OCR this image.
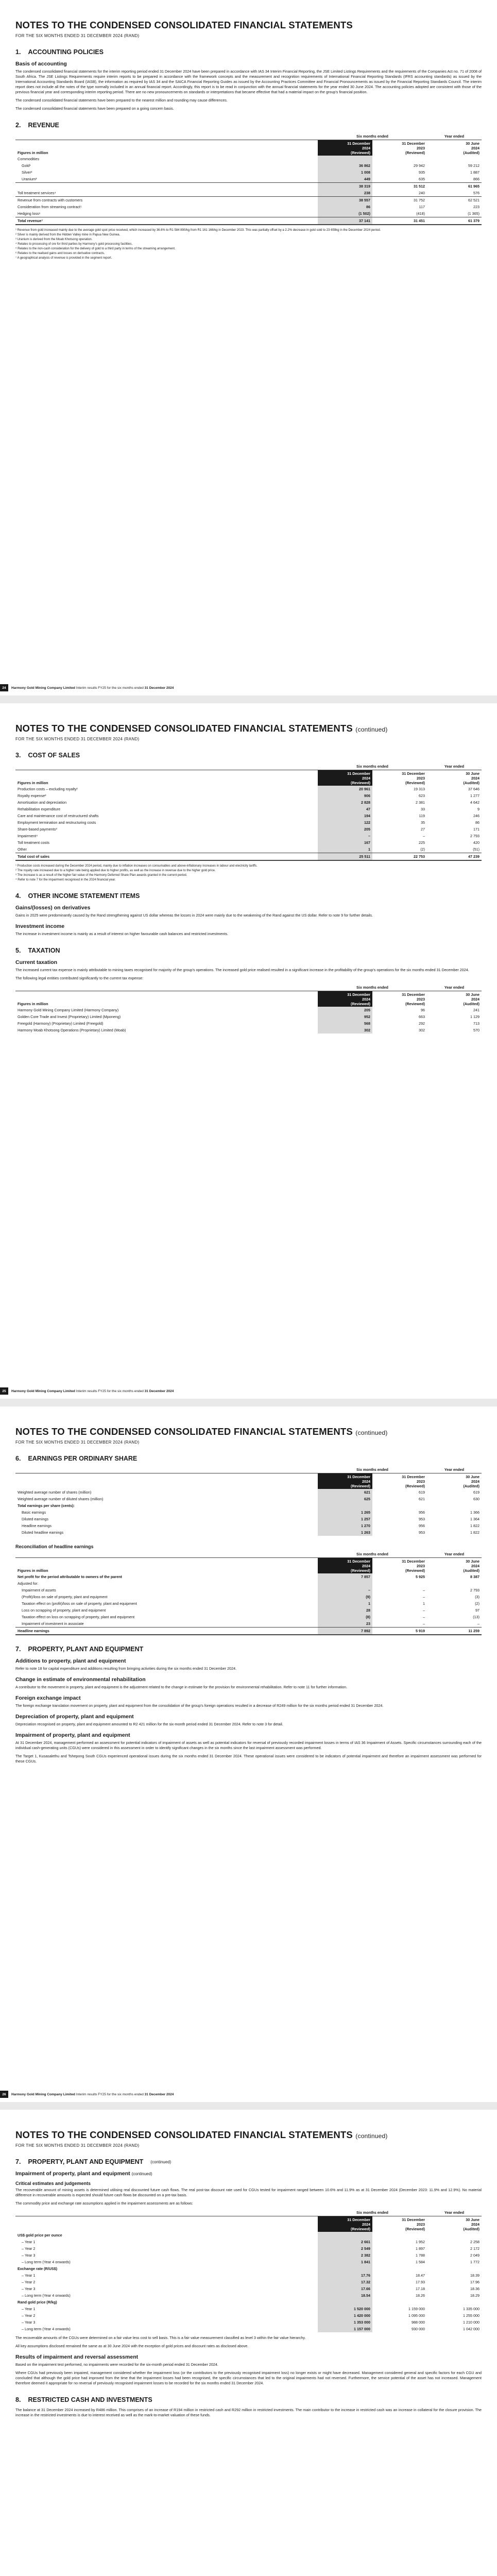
NOTES TO THE CONDENSED CONSOLIDATED FINANCIAL STATEMENTS
FOR THE SIX MONTHS ENDED 31 DECEMBER 2024 (RAND)
1. ACCOUNTING POLICIES
Basis of accounting

The condensed consolidated financial statements for the interim reporting period ended 31 December 2024 have been prepared in accordance with IAS 34 Interim Financial Reporting, the JSE Limited Listings Requirements and the requirements of the Companies Act no. 71 of 2008 of South Africa. The JSE Listings Requirements require interim reports to be prepared in accordance with the framework concepts and the measurement and recognition requirements of International Financial Reporting Standards (IFRS accounting standards) as issued by the International Accounting Standards Board (IASB), the information as required by IAS 34 and the SAICA Financial Reporting Guides as issued by the Accounting Practices Committee and Financial Pronouncements as issued by the Financial Reporting Standards Council. The interim report does not include all the notes of the type normally included in an annual financial report. Accordingly, this report is to be read in conjunction with the annual financial statements for the year ended 30 June 2024. The accounting policies adopted are consistent with those of the previous financial year and corresponding interim reporting period. There are no new pronouncements on standards or interpretations that became effective that had a material impact on the group's financial position.

The condensed consolidated financial statements have been prepared to the nearest million and rounding may cause differences.

The condensed consolidated financial statements have been prepared on a going concern basis.

2. REVENUE
	Six months ended		Year ended
Figures in million	31 December
2024
(Reviewed)	31 December
2023
(Reviewed)	30 June
2024
(Audited)
Commodities			
Gold¹	36 862	29 942	59 212
Silver²	1 008	935	1 887
Uranium³	449	635	866
	38 319	31 512	61 965
Toll treatment services⁴	238	240	576
Revenue from contracts with customers	38 557	31 752	62 521
Consideration from streaming contract⁵	86	117	223
Hedging loss⁶	(1 502)	(418)	(1 365)
Total revenue⁷	37 141	31 451	61 379
¹ Revenue from gold increased mainly due to the average gold spot price received, which increased by 36.6% to R1 584 890/kg from R1 161 166/kg in December 2023. This was partially offset by a 2.2% decrease in gold sold to 23 659kg in the December 2024 period.
² Silver is mainly derived from the Hidden Valley mine in Papua New Guinea.
³ Uranium is derived from the Moab Khotsong operation.
⁴ Relates to processing of ore for third parties by Harmony's gold processing facilities.
⁵ Relates to the non-cash consideration for the delivery of gold to a third party in terms of the streaming arrangement.
⁶ Relates to the realised gains and losses on derivative contracts.
⁷ A geographical analysis of revenue is provided in the segment report.
24	Harmony Gold Mining Company Limited Interim results FY25 for the six months ended 31 December 2024
NOTES TO THE CONDENSED CONSOLIDATED FINANCIAL STATEMENTS (continued)
FOR THE SIX MONTHS ENDED 31 DECEMBER 2024 (RAND)
3. COST OF SALES
	Six months ended		Year ended
Figures in million	31 December
2024
(Reviewed)	31 December
2023
(Reviewed)	30 June
2024
(Audited)
Production costs – excluding royalty¹	20 961	19 313	37 646
Royalty expense²	906	623	1 277
Amortisation and depreciation	2 828	2 381	4 642
Rehabilitation expenditure	47	33	9
Care and maintenance cost of restructured shafts	194	119	246
Employment termination and restructuring costs	122	35	86
Share-based payments³	205	27	171
Impairment⁴	–	–	2 793
Toll treatment costs	167	225	420
Other	1	(2)	(51)
Total cost of sales	25 511	22 753	47 239
¹ Production costs increased during the December 2024 period, mainly due to inflation increases on consumables and above-inflationary increases in labour and electricity tariffs.
² The royalty rate increased due to a higher rate being applied due to higher profits, as well as the increase in revenue due to the higher gold price.
³ The increase is as a result of the higher fair value of the Harmony Deferred Share Plan awards granted in the current period.
⁴ Refer to note 7 for the impairment recognised in the 2024 financial year.
4. OTHER INCOME STATEMENT ITEMS
Gains/(losses) on derivatives

Gains in 2025 were predominantly caused by the Rand strengthening against US dollar whereas the losses in 2024 were mainly due to the weakening of the Rand against the US dollar. Refer to note 9 for further details.

Investment income

The increase in investment income is mainly as a result of interest on higher favourable cash balances and restricted investments.

5. TAXATION
Current taxation

The increased current tax expense is mainly attributable to mining taxes recognised for majority of the group's operations. The increased gold price realised resulted in a significant increase in the profitability of the group's operations for the six months ended 31 December 2024.

The following legal entities contributed significantly to the current tax expense:

	Six months ended		Year ended
Figures in million	31 December
2024
(Reviewed)	31 December
2023
(Reviewed)	30 June
2024
(Audited)
Harmony Gold Mining Company Limited (Harmony Company)	205	96	241
Golden Core Trade and Invest (Proprietary) Limited (Mponeng)	952	663	1 129
Freegold (Harmony) (Proprietary) Limited (Freegold)	568	292	713
Harmony Moab Khotsong Operations (Proprietary) Limited (Moab)	302	302	570
25	Harmony Gold Mining Company Limited Interim results FY25 for the six months ended 31 December 2024
NOTES TO THE CONDENSED CONSOLIDATED FINANCIAL STATEMENTS (continued)
FOR THE SIX MONTHS ENDED 31 DECEMBER 2024 (RAND)
6. EARNINGS PER ORDINARY SHARE
	Six months ended		Year ended
	31 December
2024
(Reviewed)	31 December
2023
(Reviewed)	30 June
2024
(Audited)
Weighted average number of shares (million)	621	619	619
Weighted average number of diluted shares (million)	625	621	630
Total earnings per share (cents):			
Basic earnings	1 265	956	1 366
Diluted earnings	1 257	953	1 364
Headline earnings	1 270	956	1 822
Diluted headline earnings	1 263	953	1 822
Reconciliation of headline earnings
	Six months ended		Year ended
Figures in million	31 December
2024
(Reviewed)	31 December
2023
(Reviewed)	30 June
2024
(Audited)
Net profit for the period attributable to owners of the parent	7 857	5 925	8 387
Adjusted for:			
Impairment of assets	–	–	2 793
(Profit)/loss on sale of property, plant and equipment	(9)	–	(3)
Taxation effect on (profit)/loss on sale of property, plant and equipment	1	1	(2)
Loss on scrapping of property, plant and equipment	28	–	97
Taxation effect on loss on scrapping of property, plant and equipment	(8)	–	(13)
Impairment of investment in associate	23	–	–
Headline earnings	7 892	5 919	11 259
7. PROPERTY, PLANT AND EQUIPMENT
Additions to property, plant and equipment

Refer to note 18 for capital expenditure and additions resulting from bringing activities during the six months ended 31 December 2024.

Change in estimate of environmental rehabilitation

A contributor to the movement in property, plant and equipment is the adjustment related to the change in estimate for the provision for environmental rehabilitation. Refer to note 11 for further information.

Foreign exchange impact

The foreign exchange translation movement on property, plant and equipment from the consolidation of the group's foreign operations resulted in a decrease of R249 million for the six months period ended 31 December 2024.

Depreciation of property, plant and equipment

Depreciation recognised on property, plant and equipment amounted to R2 421 million for the six-month period ended 31 December 2024. Refer to note 3 for detail.

Impairment of property, plant and equipment

At 31 December 2024, management performed an assessment for potential indicators of impairment of assets as well as potential indicators for reversal of previously recorded impairment losses in terms of IAS 36 Impairment of Assets. Specific circumstances surrounding each of the individual cash-generating units (CGUs) were considered in this assessment in order to identify significant changes in the six months since the last impairment assessment was performed.

The Target 1, Kusasalethu and Tshepong South CGUs experienced operational issues during the six months ended 31 December 2024. These operational issues were considered to be indicators of potential impairment and therefore an impairment assessment was performed for these CGUs.

26	Harmony Gold Mining Company Limited Interim results FY25 for the six months ended 31 December 2024
NOTES TO THE CONDENSED CONSOLIDATED FINANCIAL STATEMENTS (continued)
FOR THE SIX MONTHS ENDED 31 DECEMBER 2024 (RAND)
7. PROPERTY, PLANT AND EQUIPMENT (continued)
Impairment of property, plant and equipment (continued)
Critical estimates and judgements

The recoverable amount of mining assets is determined utilising real discounted future cash flows. The real post-tax discount rate used for CGUs tested for impairment ranged between 10.6% and 11.9% as at 31 December 2024 (December 2023: 11.9% and 12.9%). No material difference in recoverable amounts is expected should future cash flows be discounted on a pre-tax basis.

The commodity price and exchange rate assumptions applied in the impairment assessments are as follows:

	Six months ended		Year ended
	31 December
2024
(Reviewed)	31 December
2023
(Reviewed)	30 June
2024
(Audited)
US$ gold price per ounce			
– Year 1	2 661	1 952	2 258
– Year 2	2 549	1 897	2 172
– Year 3	2 382	1 788	2 049
– Long term (Year 4 onwards)	1 841	1 584	1 772
Exchange rate (R/US$)			
– Year 1	17.76	18.47	18.39
– Year 2	17.32	17.93	17.96
– Year 3	17.66	17.18	18.36
– Long term (Year 4 onwards)	18.54	18.26	18.29
Rand gold price (R/kg)			
– Year 1	1 520 000	1 159 000	1 335 000
– Year 2	1 420 000	1 095 000	1 255 000
– Year 3	1 353 000	988 000	1 210 000
– Long term (Year 4 onwards)	1 157 000	930 000	1 042 000

The recoverable amounts of the CGUs were determined on a fair value less cost to sell basis. This is a fair value measurement classified as level 3 within the fair value hierarchy.

All key assumptions disclosed remained the same as at 30 June 2024 with the exception of gold prices and discount rates as disclosed above.

Results of impairment and reversal assessment

Based on the impairment test performed, no impairments were recorded for the six-month period ended 31 December 2024.

Where CGUs had previously been impaired, management considered whether the impairment loss (or the contributors to the previously recognised impairment loss) no longer exists or might have decreased. Management considered general and specific factors for each CGU and concluded that although the gold price had improved from the time that the impairment losses had been recognised, the specific circumstances that led to the original impairments had not reversed. Furthermore, the service potential of the asset has not increased. Management therefore deemed it appropriate for no reversal of previously recognised impairment losses to be recorded for the six months ended 31 December 2024.

8. RESTRICTED CASH AND INVESTMENTS

The balance at 31 December 2024 increased by R486 million. This comprises of an increase of R194 million in restricted cash and R292 million in restricted investments. The main contributor to the increase in restricted cash was an increase in collateral for the closure provision. The increase in the restricted investments is due to interest received as well as the mark-to-market valuation of these funds.
